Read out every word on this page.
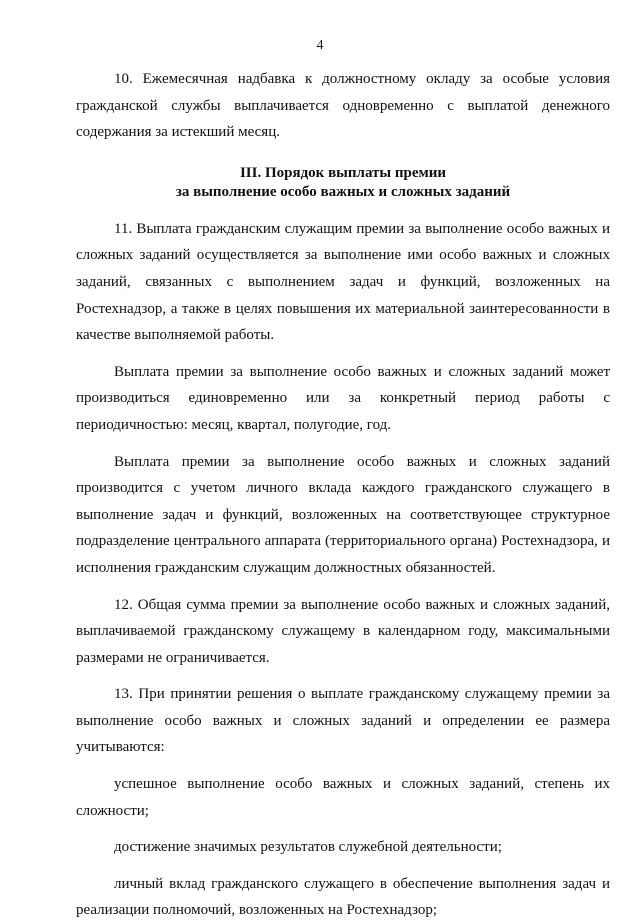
4

10. Ежемесячная надбавка к должностному окладу за особые условия гражданской службы выплачивается одновременно с выплатой денежного содержания за истекший месяц.

III. Порядок выплаты премии
за выполнение особо важных и сложных заданий

11. Выплата гражданским служащим премии за выполнение особо важных и сложных заданий осуществляется за выполнение ими особо важных и сложных заданий, связанных с выполнением задач и функций, возложенных на Ростехнадзор, а также в целях повышения их материальной заинтересованности в качестве выполняемой работы.

Выплата премии за выполнение особо важных и сложных заданий может производиться единовременно или за конкретный период работы с периодичностью: месяц, квартал, полугодие, год.

Выплата премии за выполнение особо важных и сложных заданий производится с учетом личного вклада каждого гражданского служащего в выполнение задач и функций, возложенных на соответствующее структурное подразделение центрального аппарата (территориального органа) Ростехнадзора, и исполнения гражданским служащим должностных обязанностей.

12. Общая сумма премии за выполнение особо важных и сложных заданий, выплачиваемой гражданскому служащему в календарном году, максимальными размерами не ограничивается.

13. При принятии решения о выплате гражданскому служащему премии за выполнение особо важных и сложных заданий и определении ее размера учитываются:

успешное выполнение особо важных и сложных заданий, степень их сложности;

достижение значимых результатов служебной деятельности;

личный вклад гражданского служащего в обеспечение выполнения задач и реализации полномочий, возложенных на Ростехнадзор;
